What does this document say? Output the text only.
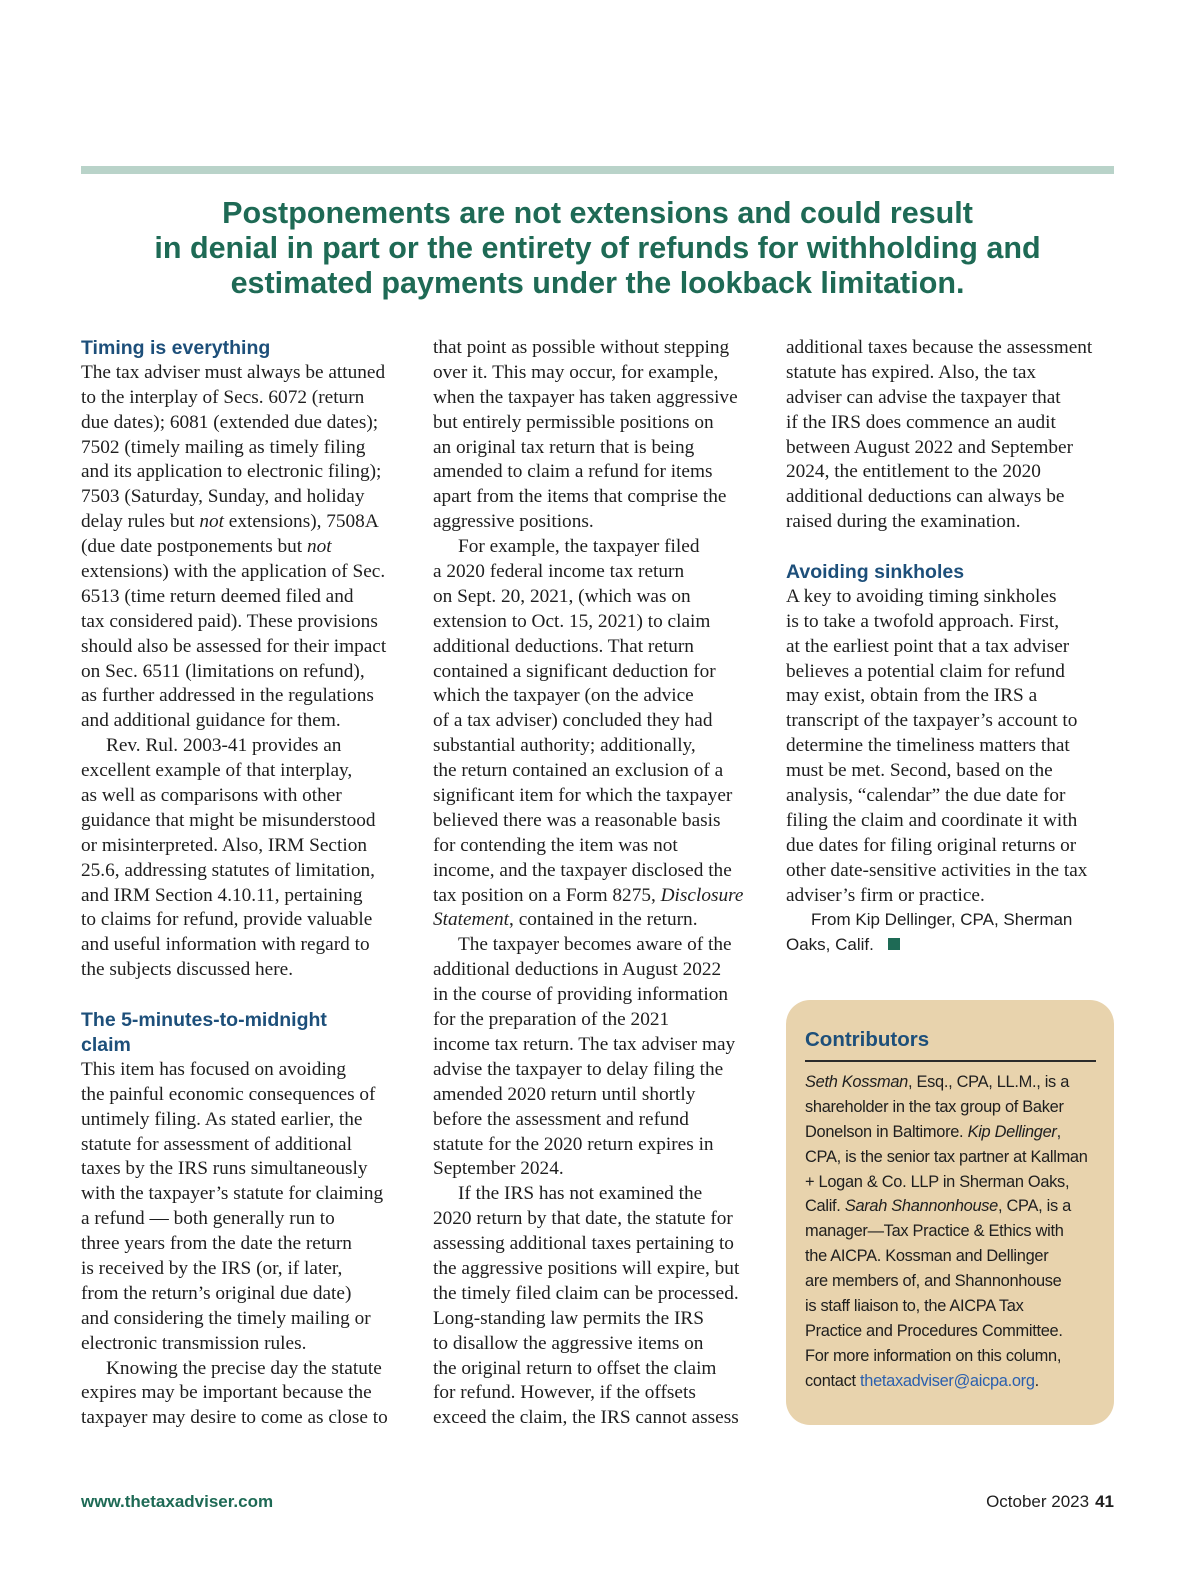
Postponements are not extensions and could result
in denial in part or the entirety of refunds for withholding and
estimated payments under the lookback limitation.
Timing is everything
The tax adviser must always be attuned
to the interplay of Secs. 6072 (return
due dates); 6081 (extended due dates);
7502 (timely mailing as timely filing
and its application to electronic filing);
7503 (Saturday, Sunday, and holiday
delay rules but not extensions), 7508A
(due date postponements but not
extensions) with the application of Sec.
6513 (time return deemed filed and
tax considered paid). These provisions
should also be assessed for their impact
on Sec. 6511 (limitations on refund),
as further addressed in the regulations
and additional guidance for them.
Rev. Rul. 2003-41 provides an
excellent example of that interplay,
as well as comparisons with other
guidance that might be misunderstood
or misinterpreted. Also, IRM Section
25.6, addressing statutes of limitation,
and IRM Section 4.10.11, pertaining
to claims for refund, provide valuable
and useful information with regard to
the subjects discussed here.
The 5-minutes-to-midnight
claim
This item has focused on avoiding
the painful economic consequences of
untimely filing. As stated earlier, the
statute for assessment of additional
taxes by the IRS runs simultaneously
with the taxpayer’s statute for claiming
a refund — both generally run to
three years from the date the return
is received by the IRS (or, if later,
from the return’s original due date)
and considering the timely mailing or
electronic transmission rules.
Knowing the precise day the statute
expires may be important because the
taxpayer may desire to come as close to
that point as possible without stepping
over it. This may occur, for example,
when the taxpayer has taken aggressive
but entirely permissible positions on
an original tax return that is being
amended to claim a refund for items
apart from the items that comprise the
aggressive positions.
For example, the taxpayer filed
a 2020 federal income tax return
on Sept. 20, 2021, (which was on
extension to Oct. 15, 2021) to claim
additional deductions. That return
contained a significant deduction for
which the taxpayer (on the advice
of a tax adviser) concluded they had
substantial authority; additionally,
the return contained an exclusion of a
significant item for which the taxpayer
believed there was a reasonable basis
for contending the item was not
income, and the taxpayer disclosed the
tax position on a Form 8275, Disclosure
Statement, contained in the return.
The taxpayer becomes aware of the
additional deductions in August 2022
in the course of providing information
for the preparation of the 2021
income tax return. The tax adviser may
advise the taxpayer to delay filing the
amended 2020 return until shortly
before the assessment and refund
statute for the 2020 return expires in
September 2024.
If the IRS has not examined the
2020 return by that date, the statute for
assessing additional taxes pertaining to
the aggressive positions will expire, but
the timely filed claim can be processed.
Long-standing law permits the IRS
to disallow the aggressive items on
the original return to offset the claim
for refund. However, if the offsets
exceed the claim, the IRS cannot assess
additional taxes because the assessment
statute has expired. Also, the tax
adviser can advise the taxpayer that
if the IRS does commence an audit
between August 2022 and September
2024, the entitlement to the 2020
additional deductions can always be
raised during the examination.
Avoiding sinkholes
A key to avoiding timing sinkholes
is to take a twofold approach. First,
at the earliest point that a tax adviser
believes a potential claim for refund
may exist, obtain from the IRS a
transcript of the taxpayer’s account to
determine the timeliness matters that
must be met. Second, based on the
analysis, “calendar” the due date for
filing the claim and coordinate it with
due dates for filing original returns or
other date-sensitive activities in the tax
adviser’s firm or practice.
From Kip Dellinger, CPA, Sherman
Oaks, Calif.
Contributors
Seth Kossman, Esq., CPA, LL.M., is a
shareholder in the tax group of Baker
Donelson in Baltimore. Kip Dellinger,
CPA, is the senior tax partner at Kallman
+ Logan & Co. LLP in Sherman Oaks,
Calif. Sarah Shannonhouse, CPA, is a
manager—Tax Practice & Ethics with
the AICPA. Kossman and Dellinger
are members of, and Shannonhouse
is staff liaison to, the AICPA Tax
Practice and Procedures Committee.
For more information on this column,
contact thetaxadviser@aicpa.org.
www.thetaxadviser.com	October 2023 41
